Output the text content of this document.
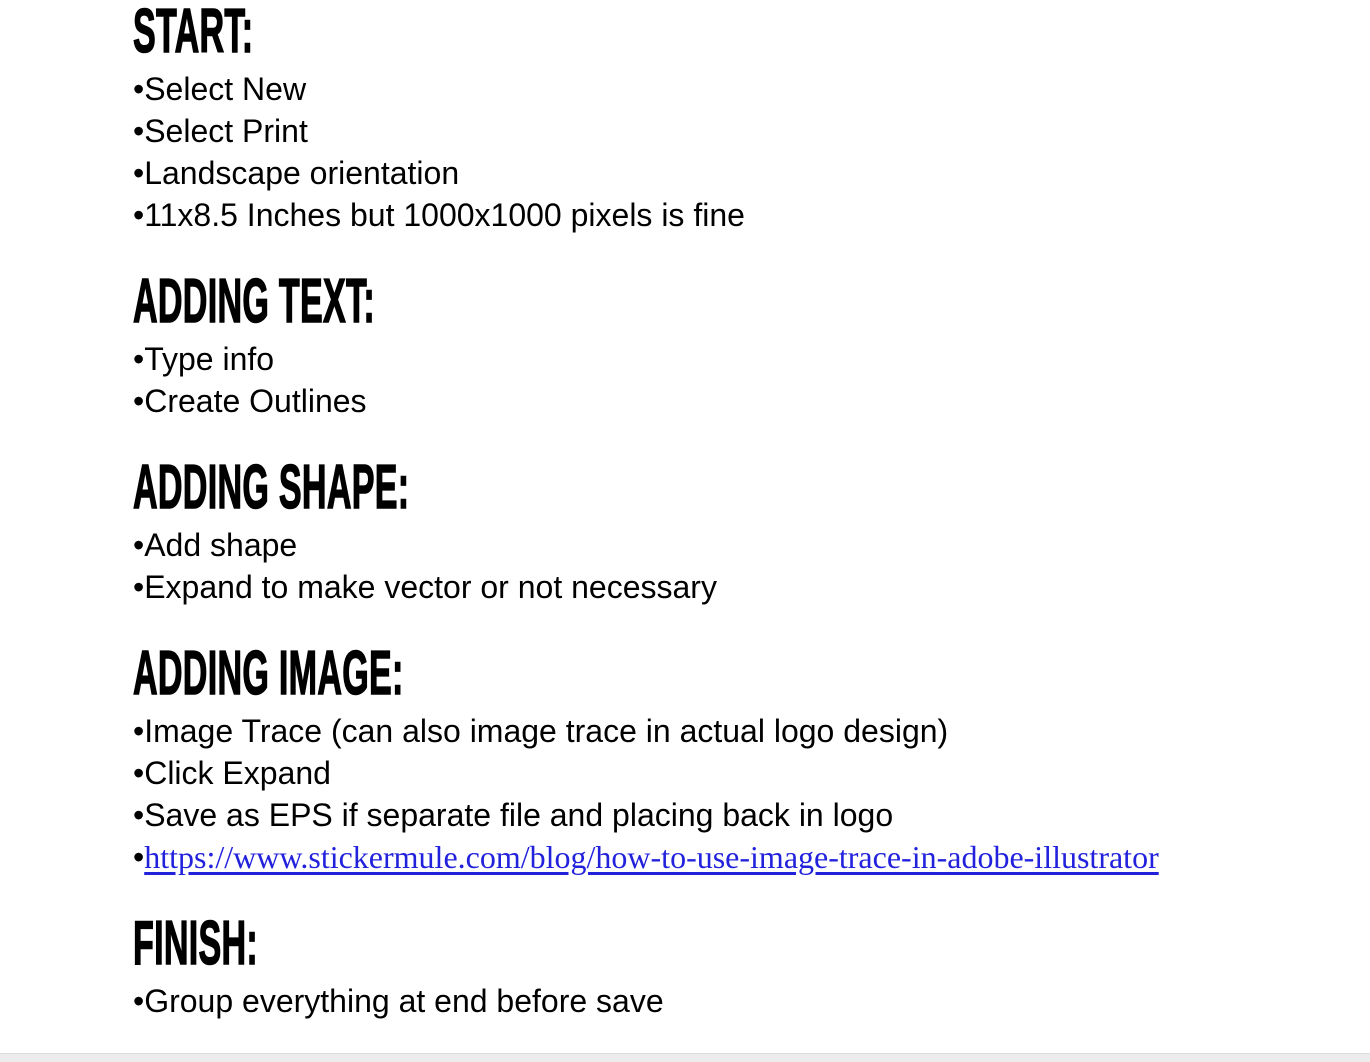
START:
• Select New
• Select Print
• Landscape orientation
• 11x8.5 Inches but 1000x1000 pixels is fine
ADDING TEXT:
• Type info
• Create Outlines
ADDING SHAPE:
• Add shape
• Expand to make vector or not necessary
ADDING IMAGE:
• Image Trace (can also image trace in actual logo design)
• Click Expand
• Save as EPS if separate file and placing back in logo
• https://www.stickermule.com/blog/how-to-use-image-trace-in-adobe-illustrator
FINISH:
• Group everything at end before save
